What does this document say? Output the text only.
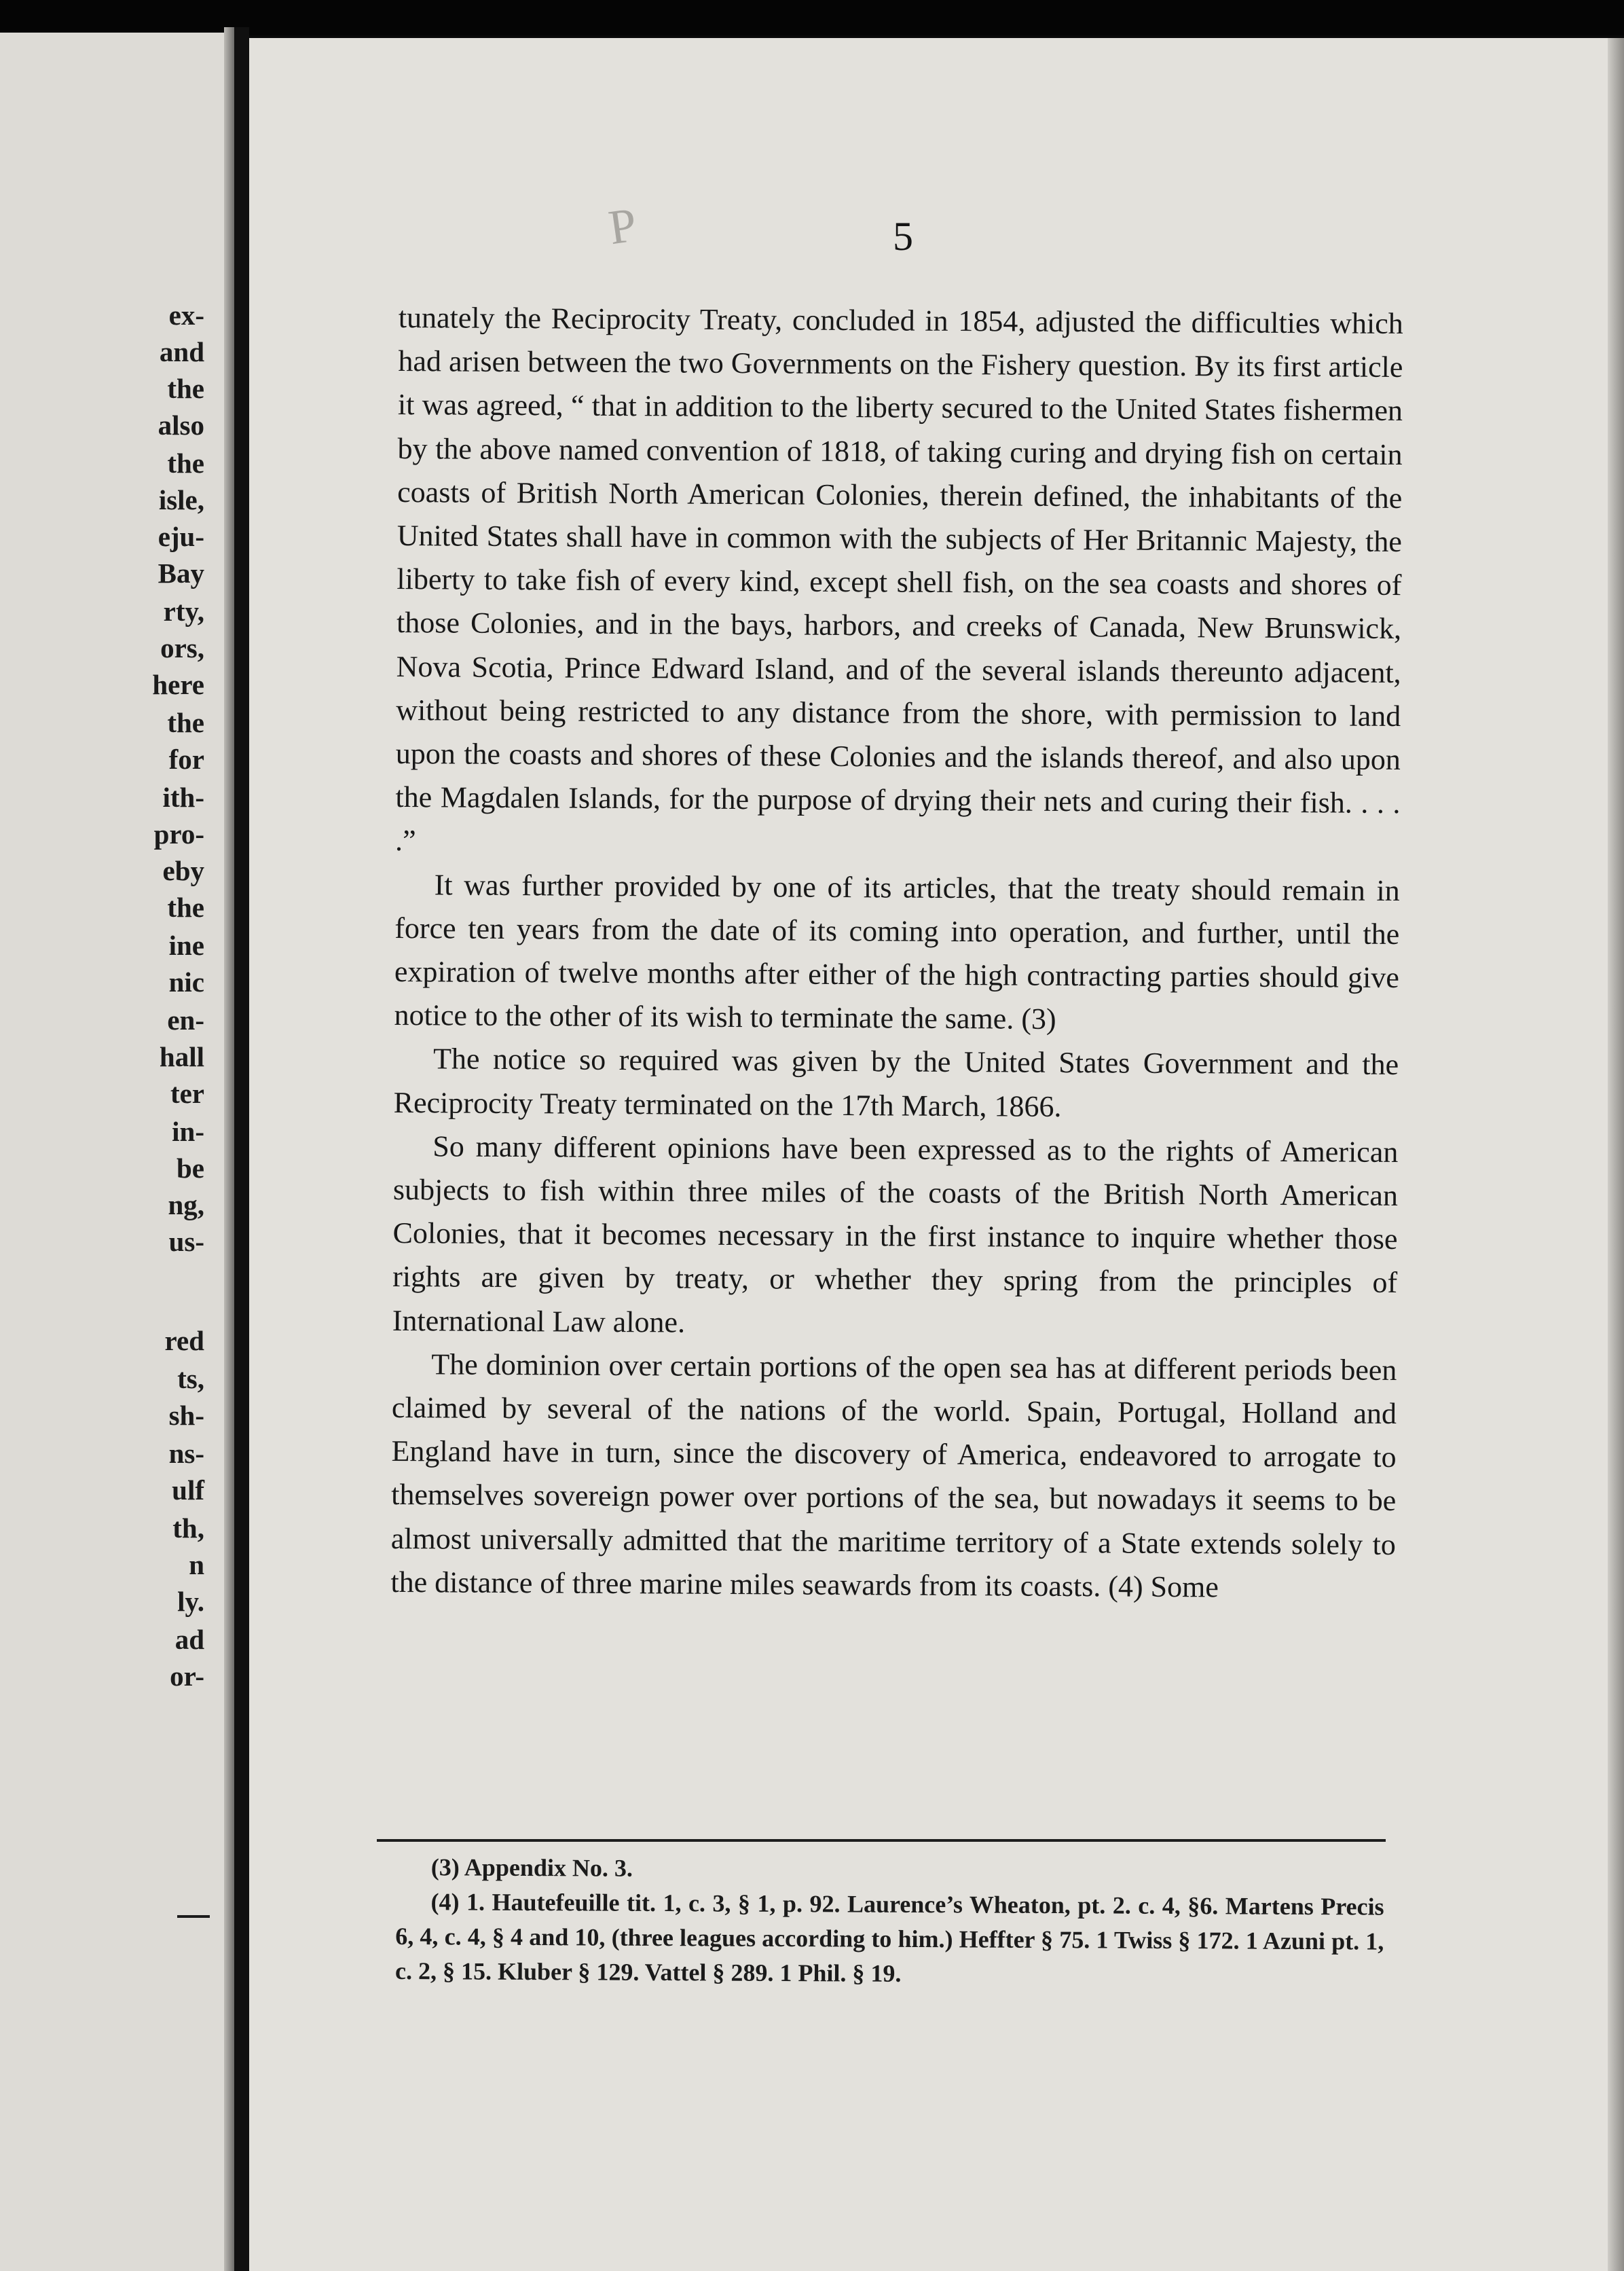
ex-
and
the
also
the
isle,
eju-
Bay
rty,
ors,
here
the
for
ith-
pro-
eby
the
ine
nic
en-
hall
ter
in-
be
ng,
us-
red
ts,
sh-
ns-
ulf
th,
n
ly.
ad
or-
P	5

tunately the Reciprocity Treaty, concluded in 1854, adjusted the difficulties which had arisen between the two Governments on the Fishery question. By its first article it was agreed, “ that in addition to the liberty secured to the United States fishermen by the above named convention of 1818, of taking curing and drying fish on certain coasts of British North American Colonies, therein defined, the inhabitants of the United States shall have in common with the subjects of Her Britannic Majesty, the liberty to take fish of every kind, except shell fish, on the sea coasts and shores of those Colonies, and in the bays, harbors, and creeks of Canada, New Brunswick, Nova Scotia, Prince Edward Island, and of the several islands thereunto adjacent, without being restricted to any distance from the shore, with permission to land upon the coasts and shores of these Colonies and the islands thereof, and also upon the Magdalen Islands, for the purpose of drying their nets and curing their fish. . . . .”

It was further provided by one of its articles, that the treaty should remain in force ten years from the date of its coming into operation, and further, until the expiration of twelve months after either of the high contracting parties should give notice to the other of its wish to terminate the same. (3)

The notice so required was given by the United States Government and the Reciprocity Treaty terminated on the 17th March, 1866.

So many different opinions have been expressed as to the rights of American subjects to fish within three miles of the coasts of the British North American Colonies, that it becomes necessary in the first instance to inquire whether those rights are given by treaty, or whether they spring from the principles of International Law alone.

The dominion over certain portions of the open sea has at different periods been claimed by several of the nations of the world. Spain, Portugal, Holland and England have in turn, since the discovery of America, endeavored to arrogate to themselves sovereign power over portions of the sea, but nowadays it seems to be almost universally admitted that the maritime territory of a State extends solely to the distance of three marine miles seawards from its coasts. (4) Some

(3) Appendix No. 3.

(4) 1. Hautefeuille tit. 1, c. 3, § 1, p. 92. Laurence’s Wheaton, pt. 2. c. 4, §6. Martens Precis 6, 4, c. 4, § 4 and 10, (three leagues according to him.) Heffter § 75. 1 Twiss § 172. 1 Azuni pt. 1, c. 2, § 15. Kluber § 129. Vattel § 289. 1 Phil. § 19.
